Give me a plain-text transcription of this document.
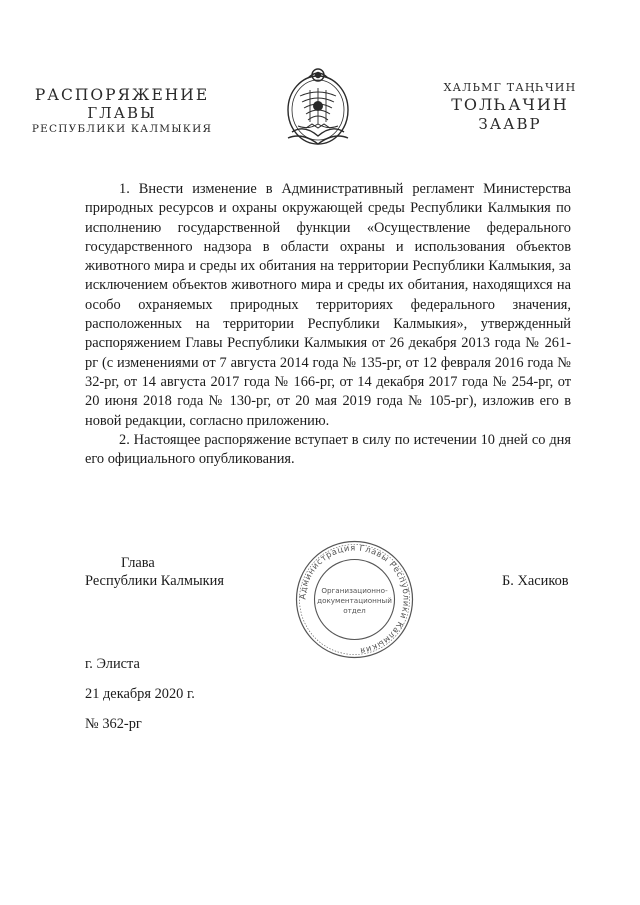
РАСПОРЯЖЕНИЕ
ГЛАВЫ
РЕСПУБЛИКИ КАЛМЫКИЯ
ХАЛЬМГ ТАҢҺЧИН
ТОЛҺАЧИН
ЗААВР

1. Внести изменение в Административный регламент Министерства природных ресурсов и охраны окружающей среды Республики Калмыкия по исполнению государственной функции «Осуществление федерального государственного надзора в области охраны и использования объектов животного мира и среды их обитания на территории Республики Калмыкия, за исключением объектов животного мира и среды их обитания, находящихся на особо охраняемых природных территориях федерального значения, расположенных на территории Республики Калмыкия», утвержденный распоряжением Главы Республики Калмыкия от 26 декабря 2013 года № 261-рг (с изменениями от 7 августа 2014 года № 135-рг, от 12 февраля 2016 года № 32-рг, от 14 августа 2017 года № 166-рг, от 14 декабря 2017 года № 254-рг, от 20 июня 2018 года № 130-рг, от 20 мая 2019 года № 105-рг), изложив его в новой редакции, согласно приложению.

2. Настоящее распоряжение вступает в силу по истечении 10 дней со дня его официального опубликования.

Глава
Республики Калмыкия	Б. Хасиков
Администрация Главы Республики Калмыкия
Организационно-
документационный
отдел
г. Элиста
21 декабря 2020 г.
№ 362-рг
